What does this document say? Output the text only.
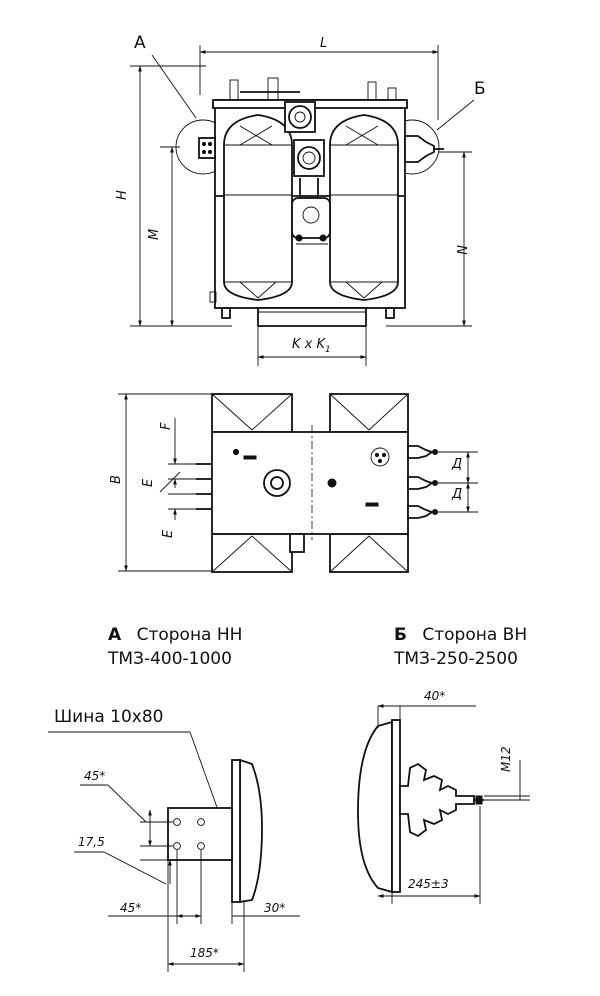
L
А
Б
H
M
N
K x $K_1$
B
F
E
E
Д
Д
А Сторона НН
ТМЗ-400-1000
Б Сторона ВН
ТМЗ-250-2500
Шина 10х80
45*
17,5
45*	30*
185*
40*
М12
245±3
